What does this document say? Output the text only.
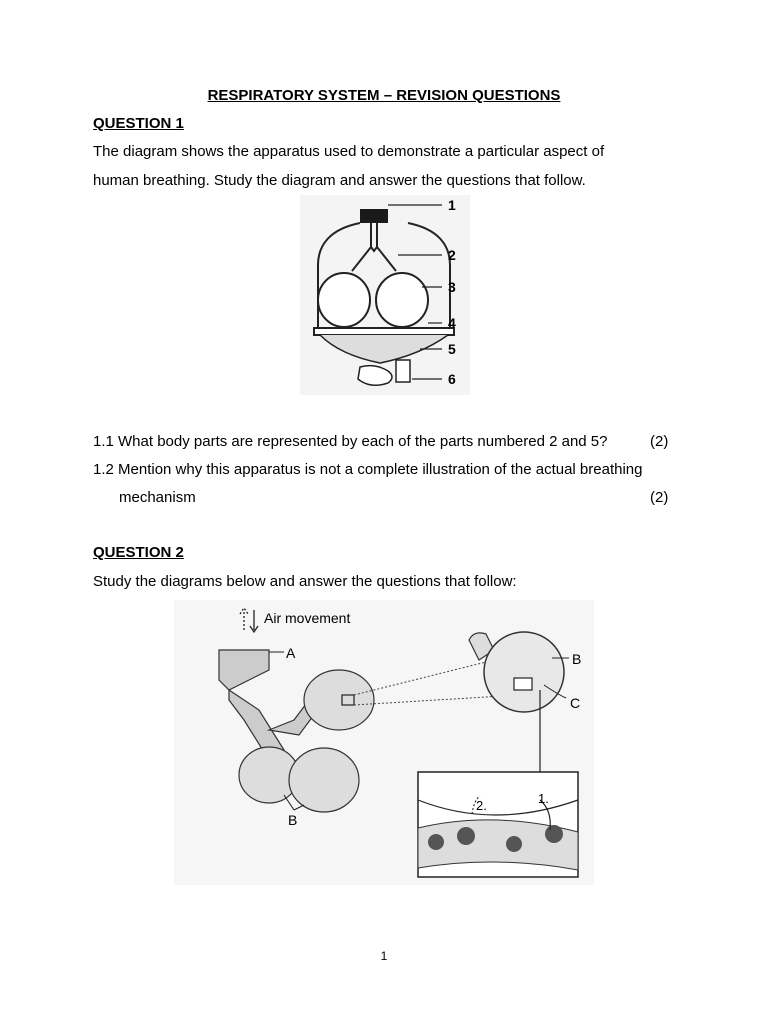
RESPIRATORY SYSTEM – REVISION QUESTIONS
QUESTION 1
The diagram shows the apparatus used to demonstrate a particular aspect of
human breathing. Study the diagram and answer the questions that follow.
1
2
3
4
5
6
1.1 What body parts are represented by each of the parts numbered 2 and 5?	(2)
1.2 Mention why this apparatus is not a complete illustration of the actual breathing
mechanism	(2)
QUESTION 2
Study the diagrams below and answer the questions that follow:
Air movement
A
B
B
C
2.	1.
1
